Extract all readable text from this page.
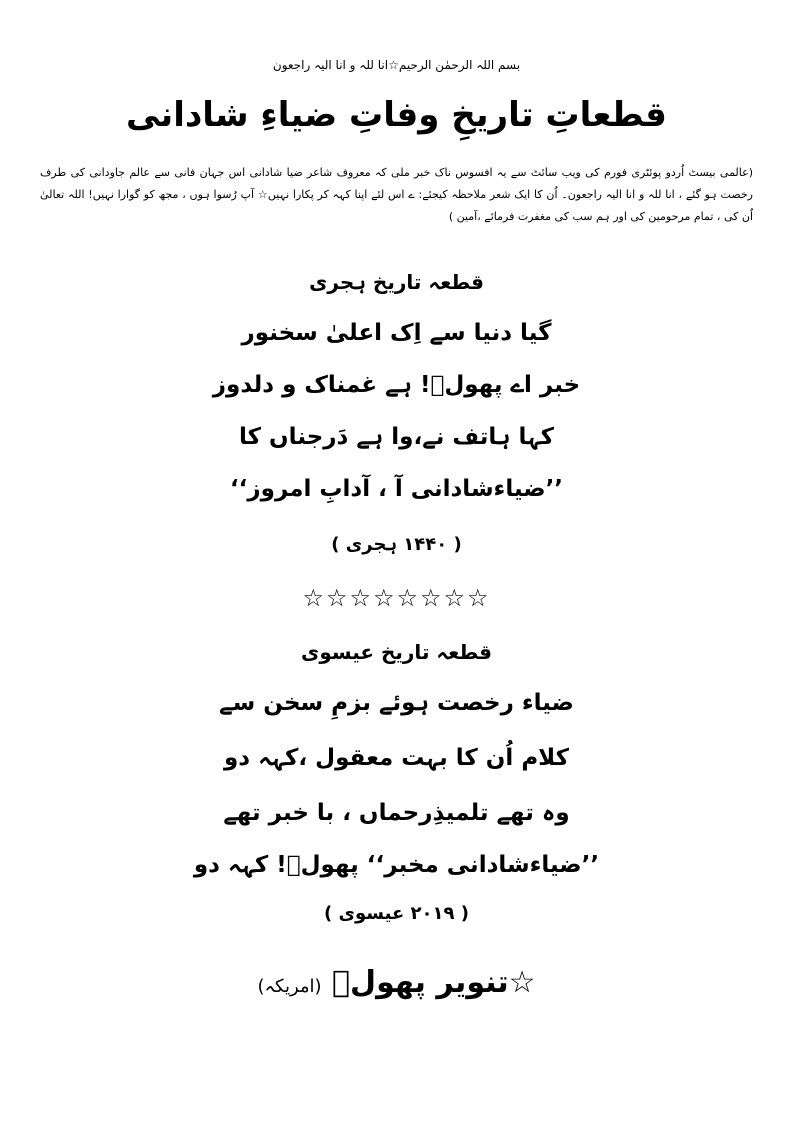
بسم اللہ الرحمٰن الرحیم☆انا للہ و انا الیہ راجعون
قطعاتِ تاریخِ وفاتِ ضیاءِ شادانی
(عالمی بیسٹ اُردو پوئٹری فورم کی ویب سائٹ سے یہ افسوس ناک خبر ملی کہ معروف شاعر ضیا شادانی اس جہان فانی سے عالم جاودانی کی طرف رخصت ہو گئے ، انا للہ و انا الیہ راجعون۔ اُن کا ایک شعر ملاحظہ کیجئے: ے اس لئے اپنا کہہ کر پکارا نہیں☆ آپ رُسوا ہوں ، مجھ کو گوارا نہیں! اللہ تعالیٰ اُن کی ، تمام مرحومین کی اور ہم سب کی مغفرت فرمائے ،آمین )
قطعہ تاریخ ہجری
گیا دنیا سے اِک اعلیٰ سخنور
خبر اے پھولؔ! ہے غمناک و دلدوز
کہا ہاتف نے،وا ہے دَرجناں کا
’’ضیاءشادانی آ ، آدابِ امروز‘‘
( ۱۴۴۰ ہجری )
☆☆☆☆☆☆☆☆
قطعہ تاریخ عیسوی
ضیاء رخصت ہوئے بزمِ سخن سے
کلام اُن کا بہت معقول ،کہہ دو
وہ تھے تلمیذِرحماں ، با خبر تھے
’’ضیاءشادانی مخبر‘‘ پھولؔ! کہہ دو
( ۲۰۱۹ عیسوی )
☆تنویر پھولؔ (امریکہ)
